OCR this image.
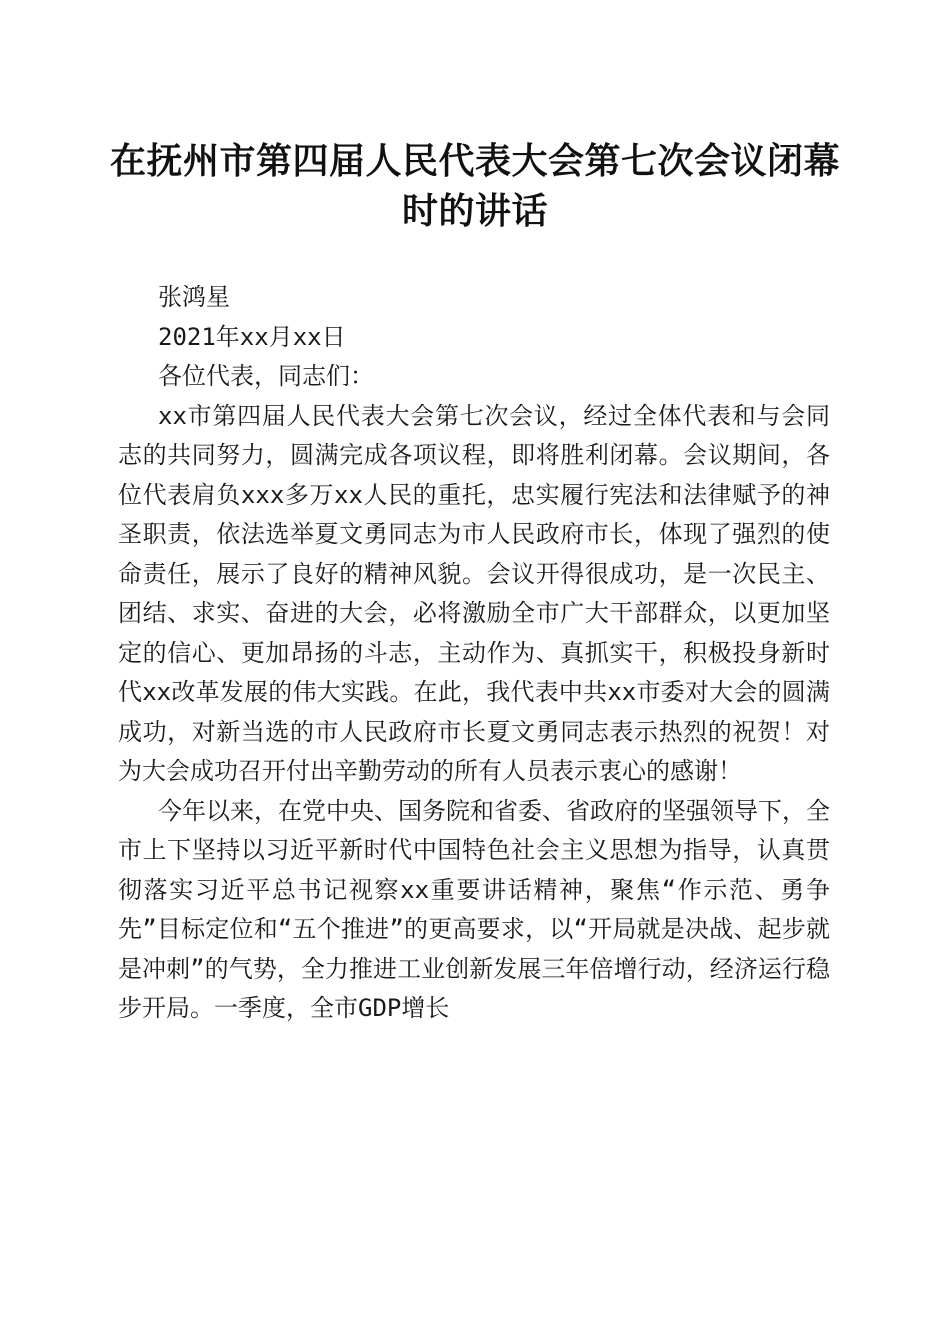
在抚州市第四届人民代表大会第七次会议闭幕时的讲话

张鸿星

2021年xx月xx日

各位代表，同志们：

xx市第四届人民代表大会第七次会议，经过全体代表和与会同志的共同努力，圆满完成各项议程，即将胜利闭幕。会议期间，各位代表肩负xxx多万xx人民的重托，忠实履行宪法和法律赋予的神圣职责，依法选举夏文勇同志为市人民政府市长，体现了强烈的使命责任，展示了良好的精神风貌。会议开得很成功，是一次民主、团结、求实、奋进的大会，必将激励全市广大干部群众，以更加坚定的信心、更加昂扬的斗志，主动作为、真抓实干，积极投身新时代xx改革发展的伟大实践。在此，我代表中共xx市委对大会的圆满成功，对新当选的市人民政府市长夏文勇同志表示热烈的祝贺！对为大会成功召开付出辛勤劳动的所有人员表示衷心的感谢！

今年以来，在党中央、国务院和省委、省政府的坚强领导下，全市上下坚持以习近平新时代中国特色社会主义思想为指导，认真贯彻落实习近平总书记视察xx重要讲话精神，聚焦“作示范、勇争先”目标定位和“五个推进”的更高要求，以“开局就是决战、起步就是冲刺”的气势，全力推进工业创新发展三年倍增行动，经济运行稳步开局。一季度，全市GDP增长
